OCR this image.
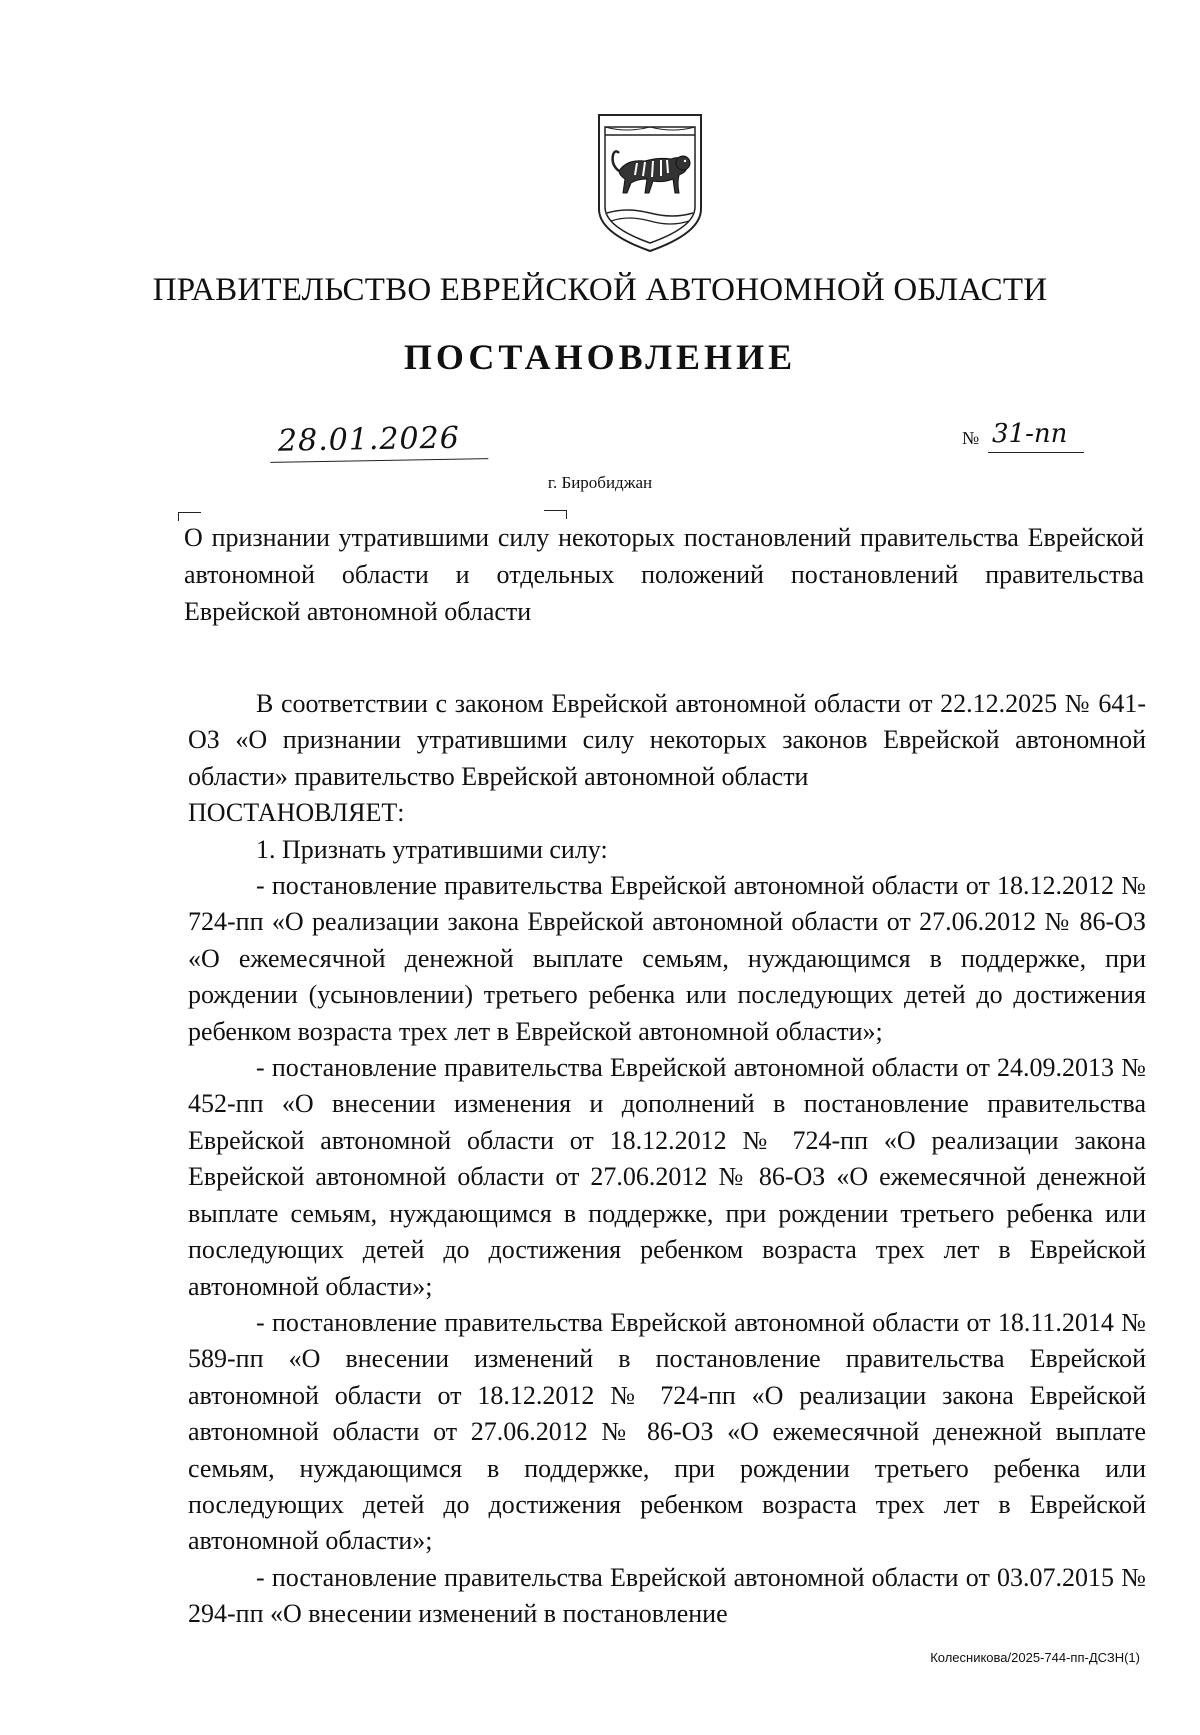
ПРАВИТЕЛЬСТВО ЕВРЕЙСКОЙ АВТОНОМНОЙ ОБЛАСТИ
ПОСТАНОВЛЕНИЕ
28.01.2026	№ 31-пп
г. Биробиджан
О признании утратившими силу некоторых постановлений правительства Еврейской автономной области и отдельных положений постановлений правительства Еврейской автономной области

В соответствии с законом Еврейской автономной области от 22.12.2025 № 641-ОЗ «О признании утратившими силу некоторых законов Еврейской автономной области» правительство Еврейской автономной области

ПОСТАНОВЛЯЕТ:

1. Признать утратившими силу:

- постановление правительства Еврейской автономной области от 18.12.2012 № 724-пп «О реализации закона Еврейской автономной области от 27.06.2012 № 86-ОЗ «О ежемесячной денежной выплате семьям, нуждающимся в поддержке, при рождении (усыновлении) третьего ребенка или последующих детей до достижения ребенком возраста трех лет в Еврейской автономной области»;

- постановление правительства Еврейской автономной области от 24.09.2013 № 452-пп «О внесении изменения и дополнений в постановление правительства Еврейской автономной области от 18.12.2012 № 724-пп «О реализации закона Еврейской автономной области от 27.06.2012 № 86-ОЗ «О ежемесячной денежной выплате семьям, нуждающимся в поддержке, при рождении третьего ребенка или последующих детей до достижения ребенком возраста трех лет в Еврейской автономной области»;

- постановление правительства Еврейской автономной области от 18.11.2014 № 589-пп «О внесении изменений в постановление правительства Еврейской автономной области от 18.12.2012 № 724-пп «О реализации закона Еврейской автономной области от 27.06.2012 № 86-ОЗ «О ежемесячной денежной выплате семьям, нуждающимся в поддержке, при рождении третьего ребенка или последующих детей до достижения ребенком возраста трех лет в Еврейской автономной области»;

- постановление правительства Еврейской автономной области от 03.07.2015 № 294-пп «О внесении изменений в постановление

Колесникова/2025-744-пп-ДСЗН(1)
